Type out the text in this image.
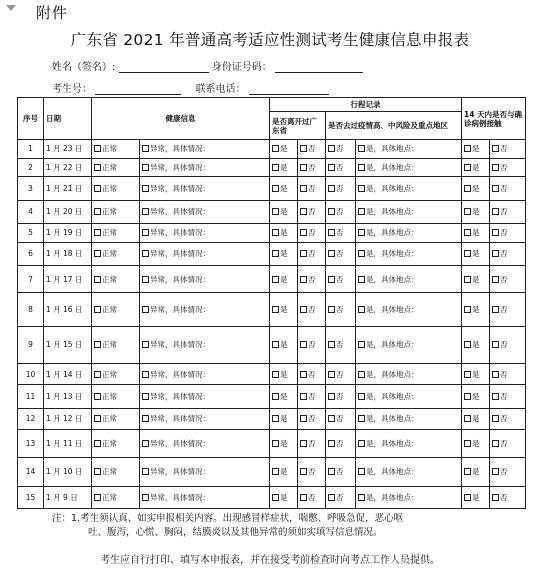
附件
广东省 2021 年普通高考适应性测试考生健康信息申报表
姓名（签名）:	身份证号码：
考生号：	联系电话：
序号	日期	健康信息		行程记录				14 天内是否与确诊病例接触	
				是否离开过广东省		是否去过疫情高、中风险及重点地区			
1	1 月 23 日	正常	异常，具体情况：	是	否	否	是，具体地点：	是	否
2	1 月 22 日	正常	异常，具体情况：	是	否	否	是，具体地点：	是	否
3	1 月 21 日	正常	异常，具体情况：	是	否	否	是，具体地点：	是	否
4	1 月 20 日	正常	异常，具体情况：	是	否	否	是，具体地点：	是	否
5	1 月 19 日	正常	异常，具体情况：	是	否	否	是，具体地点：	是	否
6	1 月 18 日	正常	异常，具体情况：	是	否	否	是，具体地点：	是	否
7	1 月 17 日	正常	异常，具体情况：	是	否	否	是，具体地点：	是	否
8	1 月 16 日	正常	异常，具体情况：	是	否	否	是，具体地点：	是	否
9	1 月 15 日	正常	异常，具体情况：	是	否	否	是，具体地点：	是	否
10	1 月 14 日	正常	异常，具体情况：	是	否	否	是，具体地点：	是	否
11	1 月 13 日	正常	异常，具体情况：	是	否	否	是，具体地点：	是	否
12	1 月 12 日	正常	异常，具体情况：	是	否	否	是，具体地点：	是	否
13	1 月 11 日	正常	异常，具体情况：	是	否	否	是，具体地点：	是	否
14	1 月 10 日	正常	异常，具体情况：	是	否	否	是，具体地点：	是	否
15	1 月 9 日	正常	异常，具体情况：	是	否	否	是，具体地点：	是	否
注：1.考生须认真、如实申报相关内容。出现感冒样症状，喘憋、呼吸急促，恶心呕
吐、腹泻，心慌、胸闷，结膜炎以及其他异常的须如实填写信息情况。
考生应自行打印、填写本申报表，并在接受考前检查时向考点工作人员提供。
